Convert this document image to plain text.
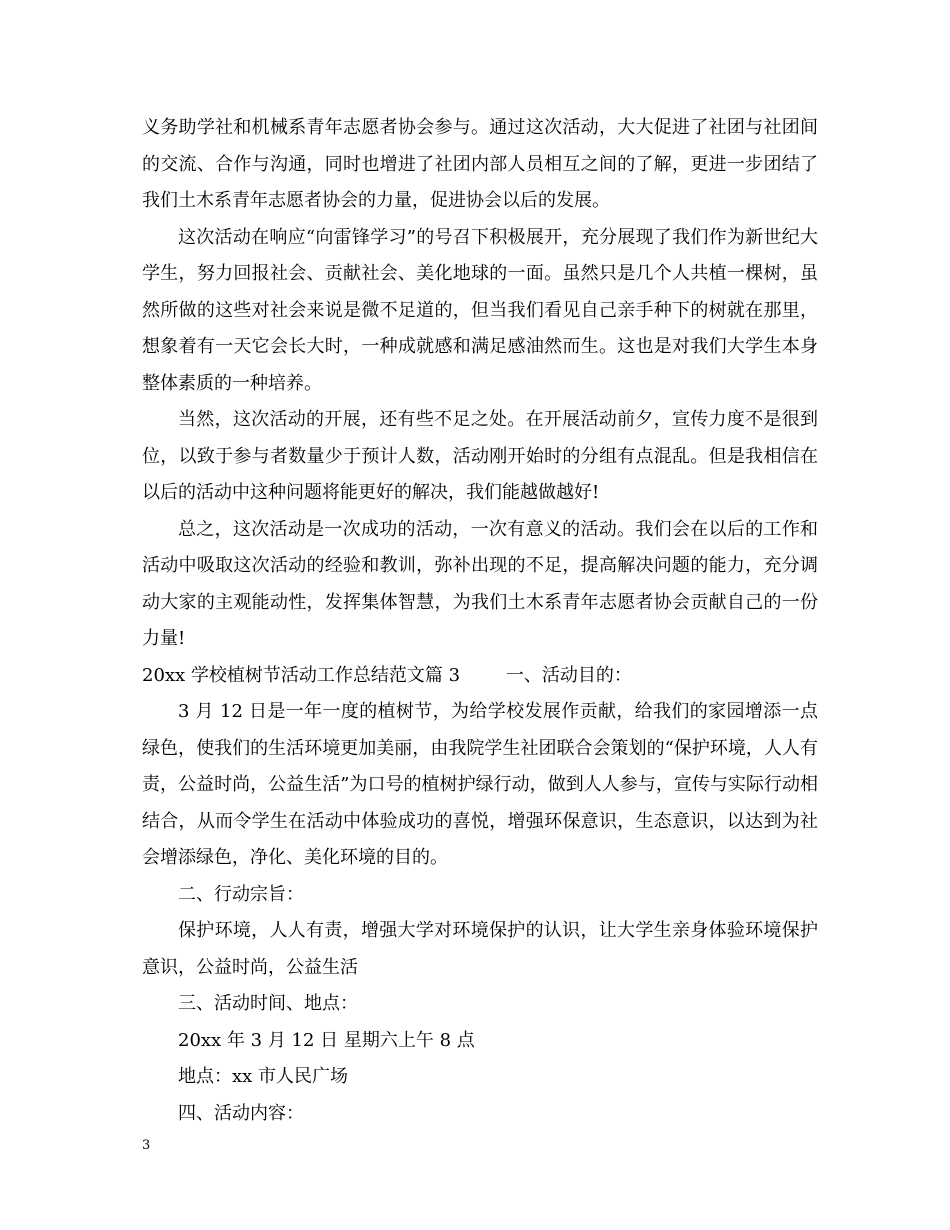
义务助学社和机械系青年志愿者协会参与。通过这次活动，大大促进了社团与社团间的交流、合作与沟通，同时也增进了社团内部人员相互之间的了解，更进一步团结了我们土木系青年志愿者协会的力量，促进协会以后的发展。

这次活动在响应“向雷锋学习”的号召下积极展开，充分展现了我们作为新世纪大学生，努力回报社会、贡献社会、美化地球的一面。虽然只是几个人共植一棵树，虽然所做的这些对社会来说是微不足道的，但当我们看见自己亲手种下的树就在那里，想象着有一天它会长大时，一种成就感和满足感油然而生。这也是对我们大学生本身整体素质的一种培养。

当然，这次活动的开展，还有些不足之处。在开展活动前夕，宣传力度不是很到位，以致于参与者数量少于预计人数，活动刚开始时的分组有点混乱。但是我相信在以后的活动中这种问题将能更好的解决，我们能越做越好!

总之，这次活动是一次成功的活动，一次有意义的活动。我们会在以后的工作和活动中吸取这次活动的经验和教训，弥补出现的不足，提高解决问题的能力，充分调动大家的主观能动性，发挥集体智慧，为我们土木系青年志愿者协会贡献自己的一份力量!

20xx 学校植树节活动工作总结范文篇 3        一、活动目的：

3 月 12 日是一年一度的植树节，为给学校发展作贡献，给我们的家园增添一点绿色，使我们的生活环境更加美丽，由我院学生社团联合会策划的“保护环境，人人有责，公益时尚，公益生活”为口号的植树护绿行动，做到人人参与，宣传与实际行动相结合，从而令学生在活动中体验成功的喜悦，增强环保意识，生态意识，以达到为社会增添绿色，净化、美化环境的目的。

二、行动宗旨：

保护环境，人人有责，增强大学对环境保护的认识，让大学生亲身体验环境保护意识，公益时尚，公益生活

三、活动时间、地点：

20xx 年 3 月 12 日 星期六上午 8 点

地点：xx 市人民广场

四、活动内容：

3
